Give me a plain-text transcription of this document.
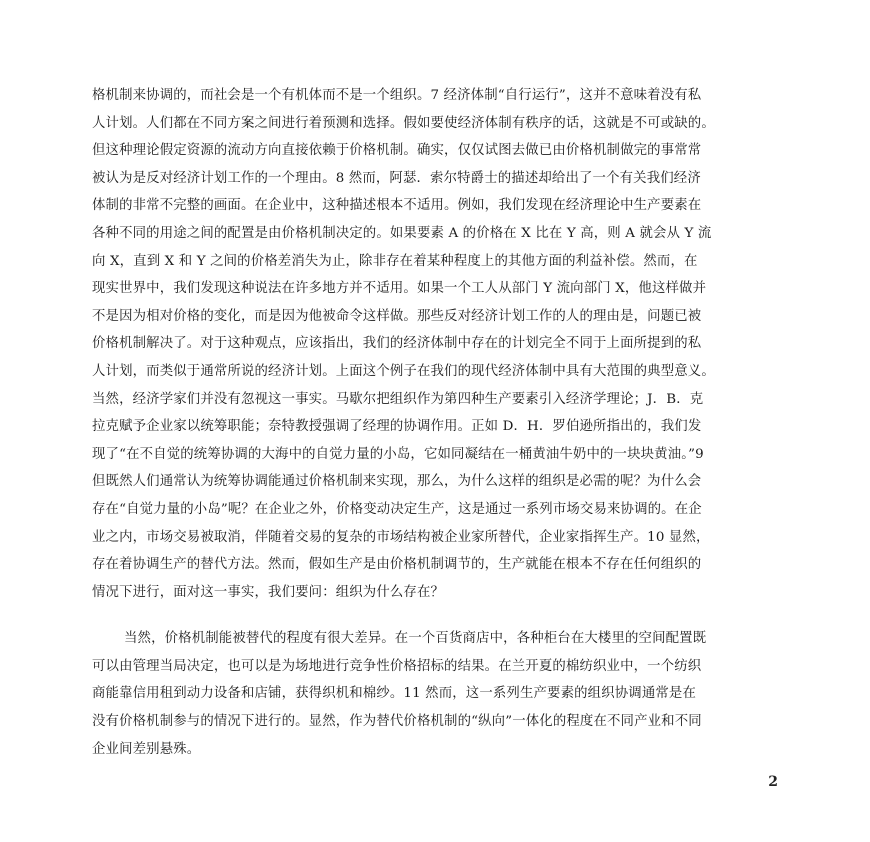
格机制来协调的，而社会是一个有机体而不是一个组织。7 经济体制“自行运行”，这并不意味着没有私
人计划。人们都在不同方案之间进行着预测和选择。假如要使经济体制有秩序的话，这就是不可或缺的。
但这种理论假定资源的流动方向直接依赖于价格机制。确实，仅仅试图去做已由价格机制做完的事常常
被认为是反对经济计划工作的一个理由。8 然而，阿瑟．索尔特爵士的描述却给出了一个有关我们经济
体制的非常不完整的画面。在企业中，这种描述根本不适用。例如，我们发现在经济理论中生产要素在
各种不同的用途之间的配置是由价格机制决定的。如果要素 A 的价格在 X 比在 Y 高，则 A 就会从 Y 流
向 X，直到 X 和 Y 之间的价格差消失为止，除非存在着某种程度上的其他方面的利益补偿。然而，在
现实世界中，我们发现这种说法在许多地方并不适用。如果一个工人从部门 Y 流向部门 X，他这样做并
不是因为相对价格的变化，而是因为他被命令这样做。那些反对经济计划工作的人的理由是，问题已被
价格机制解决了。对于这种观点，应该指出，我们的经济体制中存在的计划完全不同于上面所提到的私
人计划，而类似于通常所说的经济计划。上面这个例子在我们的现代经济体制中具有大范围的典型意义。
当然，经济学家们并没有忽视这一事实。马歇尔把组织作为第四种生产要素引入经济学理论；J．B．克
拉克赋予企业家以统筹职能；奈特教授强调了经理的协调作用。正如 D．H．罗伯逊所指出的，我们发
现了“在不自觉的统筹协调的大海中的自觉力量的小岛，它如同凝结在一桶黄油牛奶中的一块块黄油。”9
但既然人们通常认为统筹协调能通过价格机制来实现，那么，为什么这样的组织是必需的呢？为什么会
存在“自觉力量的小岛”呢？在企业之外，价格变动决定生产，这是通过一系列市场交易来协调的。在企
业之内，市场交易被取消，伴随着交易的复杂的市场结构被企业家所替代，企业家指挥生产。10 显然，
存在着协调生产的替代方法。然而，假如生产是由价格机制调节的，生产就能在根本不存在任何组织的
情况下进行，面对这一事实，我们要问：组织为什么存在？
当然，价格机制能被替代的程度有很大差异。在一个百货商店中，各种柜台在大楼里的空间配置既
可以由管理当局决定，也可以是为场地进行竞争性价格招标的结果。在兰开夏的棉纺织业中，一个纺织
商能靠信用租到动力设备和店铺，获得织机和棉纱。11 然而，这一系列生产要素的组织协调通常是在
没有价格机制参与的情况下进行的。显然，作为替代价格机制的“纵向”一体化的程度在不同产业和不同
企业间差别悬殊。
2
